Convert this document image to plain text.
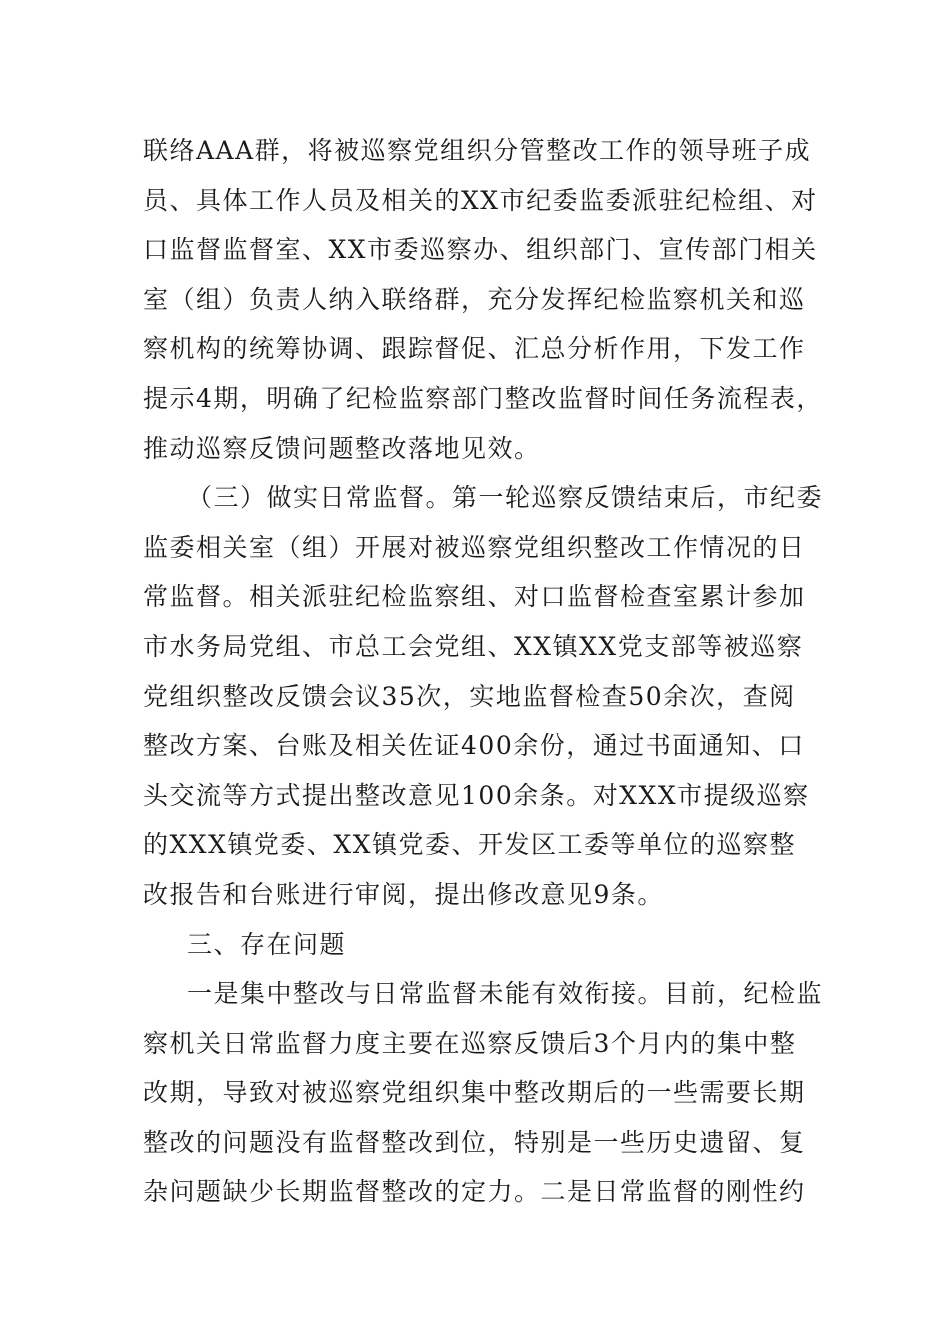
联络AAA群，将被巡察党组织分管整改工作的领导班子成
员、具体工作人员及相关的XX市纪委监委派驻纪检组、对
口监督监督室、XX市委巡察办、组织部门、宣传部门相关
室（组）负责人纳入联络群，充分发挥纪检监察机关和巡
察机构的统筹协调、跟踪督促、汇总分析作用，下发工作
提示4期，明确了纪检监察部门整改监督时间任务流程表，
推动巡察反馈问题整改落地见效。
（三）做实日常监督。第一轮巡察反馈结束后，市纪委
监委相关室（组）开展对被巡察党组织整改工作情况的日
常监督。相关派驻纪检监察组、对口监督检查室累计参加
市水务局党组、市总工会党组、XX镇XX党支部等被巡察
党组织整改反馈会议35次，实地监督检查50余次，查阅
整改方案、台账及相关佐证400余份，通过书面通知、口
头交流等方式提出整改意见100余条。对XXX市提级巡察
的XXX镇党委、XX镇党委、开发区工委等单位的巡察整
改报告和台账进行审阅，提出修改意见9条。
三、存在问题
一是集中整改与日常监督未能有效衔接。目前，纪检监
察机关日常监督力度主要在巡察反馈后3个月内的集中整
改期，导致对被巡察党组织集中整改期后的一些需要长期
整改的问题没有监督整改到位，特别是一些历史遗留、复
杂问题缺少长期监督整改的定力。二是日常监督的刚性约
